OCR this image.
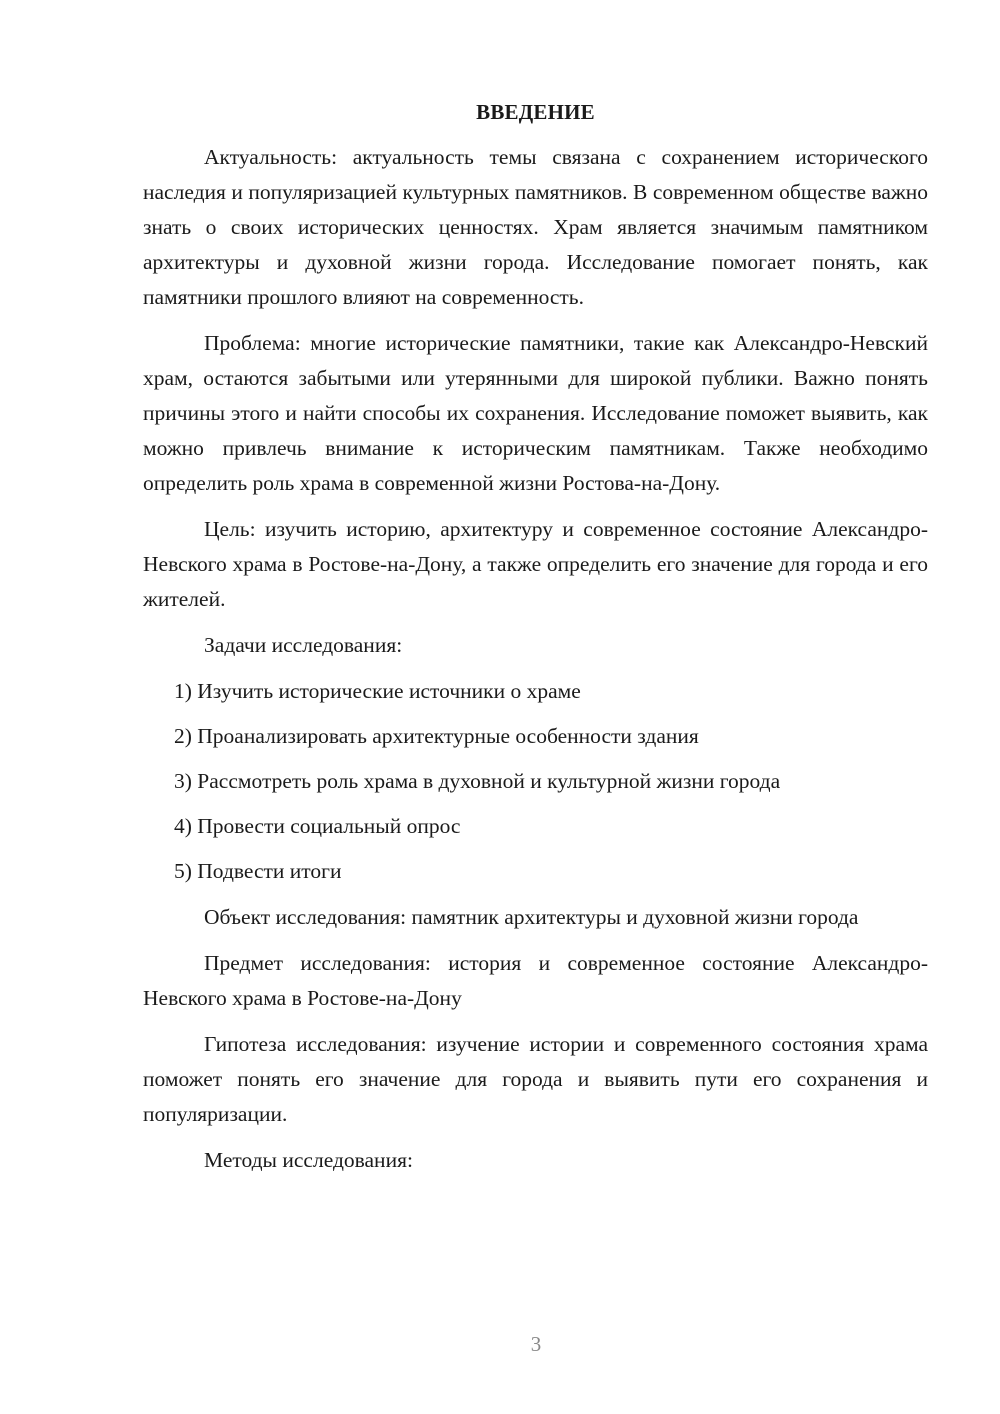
ВВЕДЕНИЕ

Актуальность: актуальность темы связана с сохранением исторического наследия и популяризацией культурных памятников. В современном обществе важно знать о своих исторических ценностях. Храм является значимым памятником архитектуры и духовной жизни города. Исследование помогает понять, как памятники прошлого влияют на современность.

Проблема: многие исторические памятники, такие как Александро-Невский храм, остаются забытыми или утерянными для широкой публики. Важно понять причины этого и найти способы их сохранения. Исследование поможет выявить, как можно привлечь внимание к историческим памятникам. Также необходимо определить роль храма в современной жизни Ростова-на-Дону.

Цель: изучить историю, архитектуру и современное состояние Александро-Невского храма в Ростове-на-Дону, а также определить его значение для города и его жителей.

Задачи исследования:

1) Изучить исторические источники о храме
2) Проанализировать архитектурные особенности здания
3) Рассмотреть роль храма в духовной и культурной жизни города
4) Провести социальный опрос
5) Подвести итоги

Объект исследования: памятник архитектуры и духовной жизни города

Предмет исследования: история и современное состояние Александро-Невского храма в Ростове-на-Дону

Гипотеза исследования: изучение истории и современного состояния храма поможет понять его значение для города и выявить пути его сохранения и популяризации.

Методы исследования:

3
